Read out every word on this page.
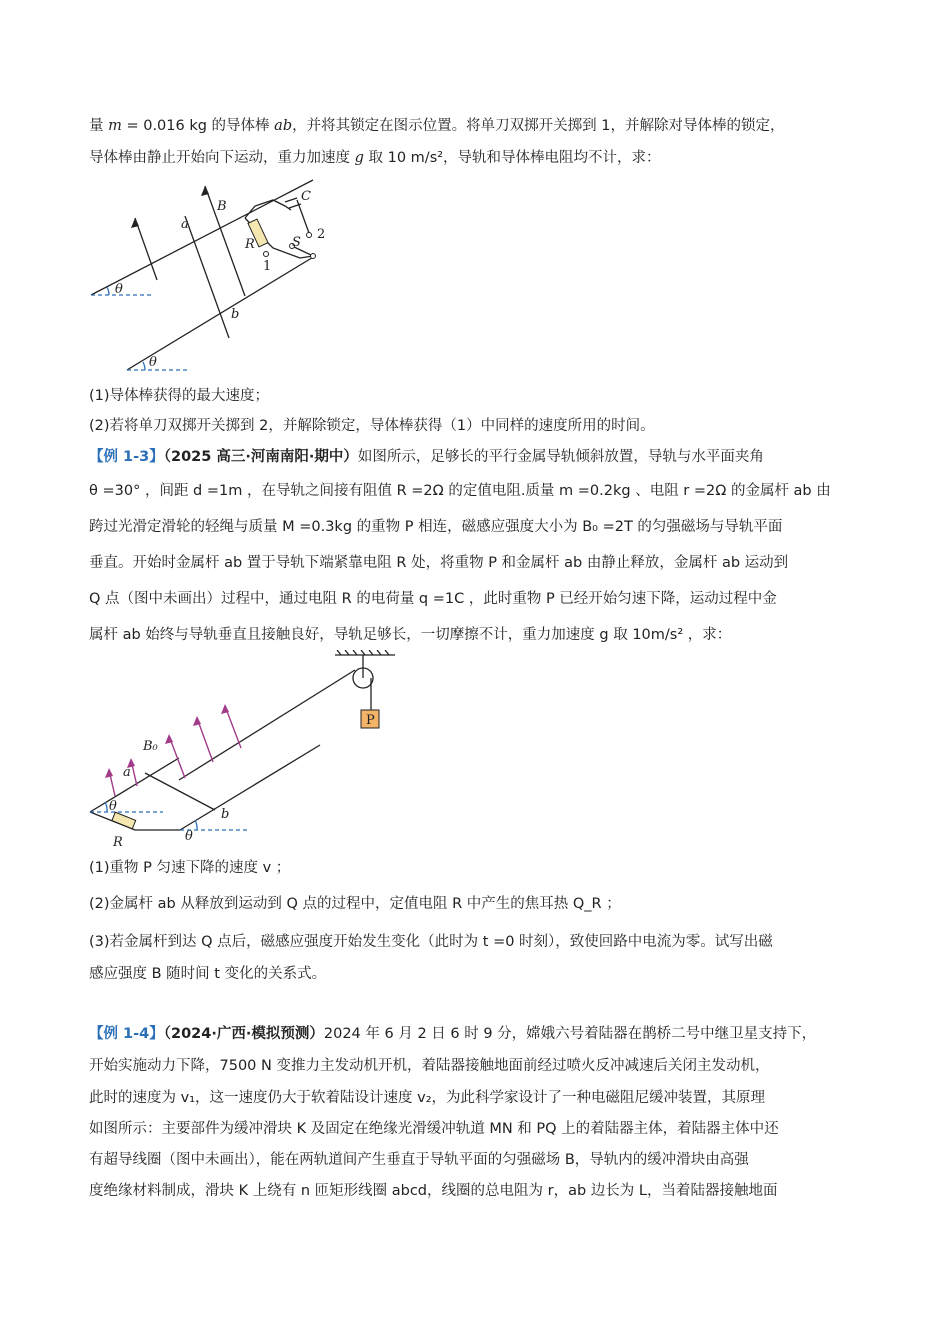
量 m = 0.016 kg 的导体棒 ab，并将其锁定在图示位置。将单刀双掷开关掷到 1，并解除对导体棒的锁定，
导体棒由静止开始向下运动，重力加速度 g 取 10 m/s²，导轨和导体棒电阻均不计，求：
C
B
a
R	S
2
1
b
θ
θ
(1)导体棒获得的最大速度；
(2)若将单刀双掷开关掷到 2，并解除锁定，导体棒获得（1）中同样的速度所用的时间。
【例 1-3】（2025 高三·河南南阳·期中）如图所示，足够长的平行金属导轨倾斜放置，导轨与水平面夹角
θ =30° ，间距 d =1m ，在导轨之间接有阻值 R =2Ω 的定值电阻.质量 m =0.2kg 、电阻 r =2Ω 的金属杆 ab 由
跨过光滑定滑轮的轻绳与质量 M =0.3kg 的重物 P 相连，磁感应强度大小为 B₀ =2T 的匀强磁场与导轨平面
垂直。开始时金属杆 ab 置于导轨下端紧靠电阻 R 处，将重物 P 和金属杆 ab 由静止释放，金属杆 ab 运动到
Q 点（图中未画出）过程中，通过电阻 R 的电荷量 q =1C ，此时重物 P 已经开始匀速下降，运动过程中金
属杆 ab 始终与导轨垂直且接触良好，导轨足够长，一切摩擦不计，重力加速度 g 取 10m/s² ，求：
P
B₀
a
b
θ
θ
R
(1)重物 P 匀速下降的速度 v ；
(2)金属杆 ab 从释放到运动到 Q 点的过程中，定值电阻 R 中产生的焦耳热 Q_R ；
(3)若金属杆到达 Q 点后，磁感应强度开始发生变化（此时为 t =0 时刻），致使回路中电流为零。试写出磁
感应强度 B 随时间 t 变化的关系式。
【例 1-4】（2024·广西·模拟预测）2024 年 6 月 2 日 6 时 9 分，嫦娥六号着陆器在鹊桥二号中继卫星支持下，
开始实施动力下降，7500 N 变推力主发动机开机，着陆器接触地面前经过喷火反冲减速后关闭主发动机，
此时的速度为 v₁，这一速度仍大于软着陆设计速度 v₂，为此科学家设计了一种电磁阻尼缓冲装置，其原理
如图所示：主要部件为缓冲滑块 K 及固定在绝缘光滑缓冲轨道 MN 和 PQ 上的着陆器主体，着陆器主体中还
有超导线圈（图中未画出），能在两轨道间产生垂直于导轨平面的匀强磁场 B，导轨内的缓冲滑块由高强
度绝缘材料制成，滑块 K 上绕有 n 匝矩形线圈 abcd，线圈的总电阻为 r，ab 边长为 L，当着陆器接触地面
